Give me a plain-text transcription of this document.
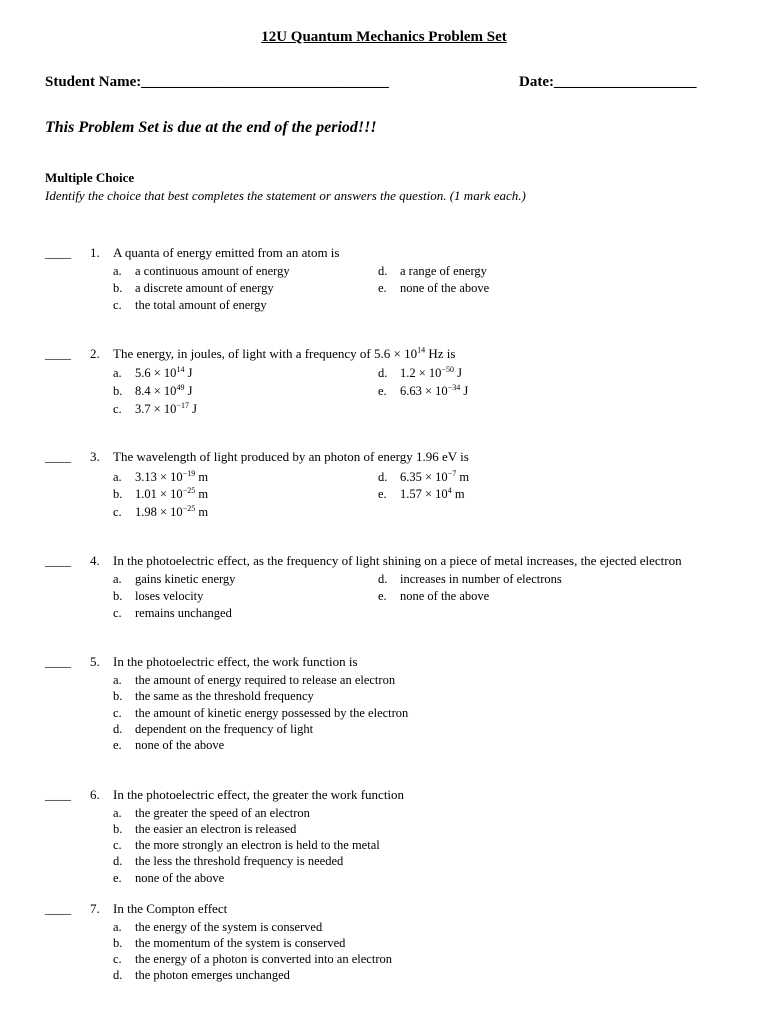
12U Quantum Mechanics Problem Set
Student Name:_________________________________	Date:___________________
This Problem Set is due at the end of the period!!!
Multiple Choice
Identify the choice that best completes the statement or answers the question. (1 mark each.)
____ 1. A quanta of energy emitted from an atom is
a. a continuous amount of energy
b. a discrete amount of energy
c. the total amount of energy
d. a range of energy
e. none of the above
____ 2. The energy, in joules, of light with a frequency of $5.6 \times 10^{14}$ Hz is
a. $5.6 \times 10^{14}$ J
b. $8.4 \times 10^{49}$ J
c. $3.7 \times 10^{-17}$ J
d. $1.2 \times 10^{-50}$ J
e. $6.63 \times 10^{-34}$ J
____ 3. The wavelength of light produced by an photon of energy 1.96 eV is
a. $3.13 \times 10^{-19}$ m
b. $1.01 \times 10^{-25}$ m
c. $1.98 \times 10^{-25}$ m
d. $6.35 \times 10^{-7}$ m
e. $1.57 \times 10^4$ m
____ 4. In the photoelectric effect, as the frequency of light shining on a piece of metal increases, the ejected electron
a. gains kinetic energy
b. loses velocity
c. remains unchanged
d. increases in number of electrons
e. none of the above
____ 5. In the photoelectric effect, the work function is
a. the amount of energy required to release an electron
b. the same as the threshold frequency
c. the amount of kinetic energy possessed by the electron
d. dependent on the frequency of light
e. none of the above
____ 6. In the photoelectric effect, the greater the work function
a. the greater the speed of an electron
b. the easier an electron is released
c. the more strongly an electron is held to the metal
d. the less the threshold frequency is needed
e. none of the above
____ 7. In the Compton effect
a. the energy of the system is conserved
b. the momentum of the system is conserved
c. the energy of a photon is converted into an electron
d. the photon emerges unchanged
